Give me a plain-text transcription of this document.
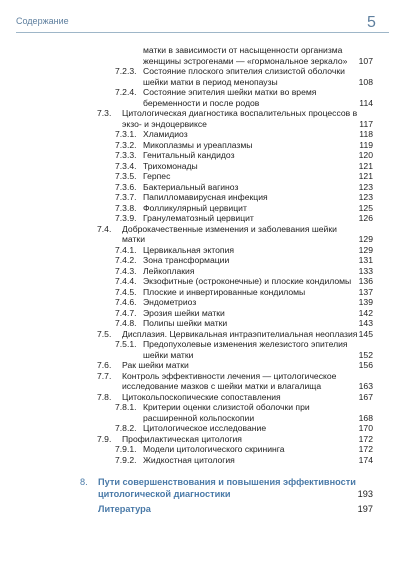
Содержание	5
матки в зависимости от насыщенности организма женщины эстрогенами — «гормональное зеркало»	107
7.2.3. Состояние плоского эпителия слизистой оболочки шейки матки в период менопаузы	108
7.2.4. Состояние эпителия шейки матки во время беременности и после родов	114
7.3.	Цитологическая диагностика воспалительных процессов в экзо- и эндоцервиксе	117
7.3.1. Хламидиоз	118
7.3.2. Микоплазмы и уреаплазмы	119
7.3.3. Генитальный кандидоз	120
7.3.4. Трихомонады	121
7.3.5. Герпес	121
7.3.6. Бактериальный вагиноз	123
7.3.7. Папилломавирусная инфекция	123
7.3.8. Фолликулярный цервицит	125
7.3.9. Гранулематозный цервицит	126
7.4.	Доброкачественные изменения и заболевания шейки матки	129
7.4.1. Цервикальная эктопия	129
7.4.2. Зона трансформации	131
7.4.3. Лейкоплакия	133
7.4.4. Экзофитные (остроконечные) и плоские кондиломы 136
7.4.5. Плоские и инвертированные кондиломы	137
7.4.6. Эндометриоз	139
7.4.7. Эрозия шейки матки	142
7.4.8. Полипы шейки матки	143
7.5.	Дисплазия. Цервикальная интраэпителиальная неоплазия 145
7.5.1. Предопухолевые изменения железистого эпителия шейки матки	152
7.6.	Рак шейки матки	156
7.7.	Контроль эффективности лечения — цитологическое исследование мазков с шейки матки и влагалища	163
7.8.	Цитокольпоскопические сопоставления	167
7.8.1. Критерии оценки слизистой оболочки при расширенной кольпоскопии	168
7.8.2. Цитологическое исследование	170
7.9.	Профилактическая цитология	172
7.9.1. Модели цитологического скрининга	172
7.9.2. Жидкостная цитология	174
8.	Пути совершенствования и повышения эффективности цитологической диагностики	193
Литература	197
